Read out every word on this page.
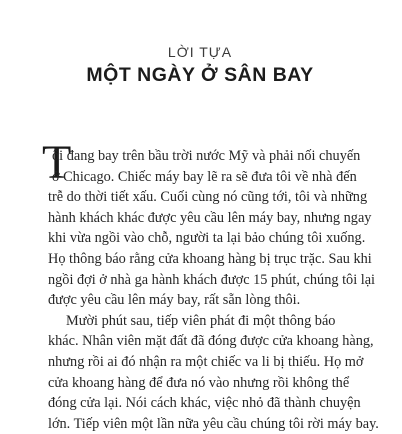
LỜI TỰA
MỘT NGÀY Ở SÂN BAY
T
ôi đang bay trên bầu trời nước Mỹ và phải nối chuyến
ở Chicago. Chiếc máy bay lẽ ra sẽ đưa tôi về nhà đến
trễ do thời tiết xấu. Cuối cùng nó cũng tới, tôi và những
hành khách khác được yêu cầu lên máy bay, nhưng ngay
khi vừa ngồi vào chỗ, người ta lại bảo chúng tôi xuống.
Họ thông báo rằng cửa khoang hàng bị trục trặc. Sau khi
ngồi đợi ở nhà ga hành khách được 15 phút, chúng tôi lại
được yêu cầu lên máy bay, rất sẵn lòng thôi.
Mười phút sau, tiếp viên phát đi một thông báo
khác. Nhân viên mặt đất đã đóng được cửa khoang hàng,
nhưng rồi ai đó nhận ra một chiếc va li bị thiếu. Họ mở
cửa khoang hàng để đưa nó vào nhưng rồi không thể
đóng cửa lại. Nói cách khác, việc nhỏ đã thành chuyện
lớn. Tiếp viên một lần nữa yêu cầu chúng tôi rời máy bay.
